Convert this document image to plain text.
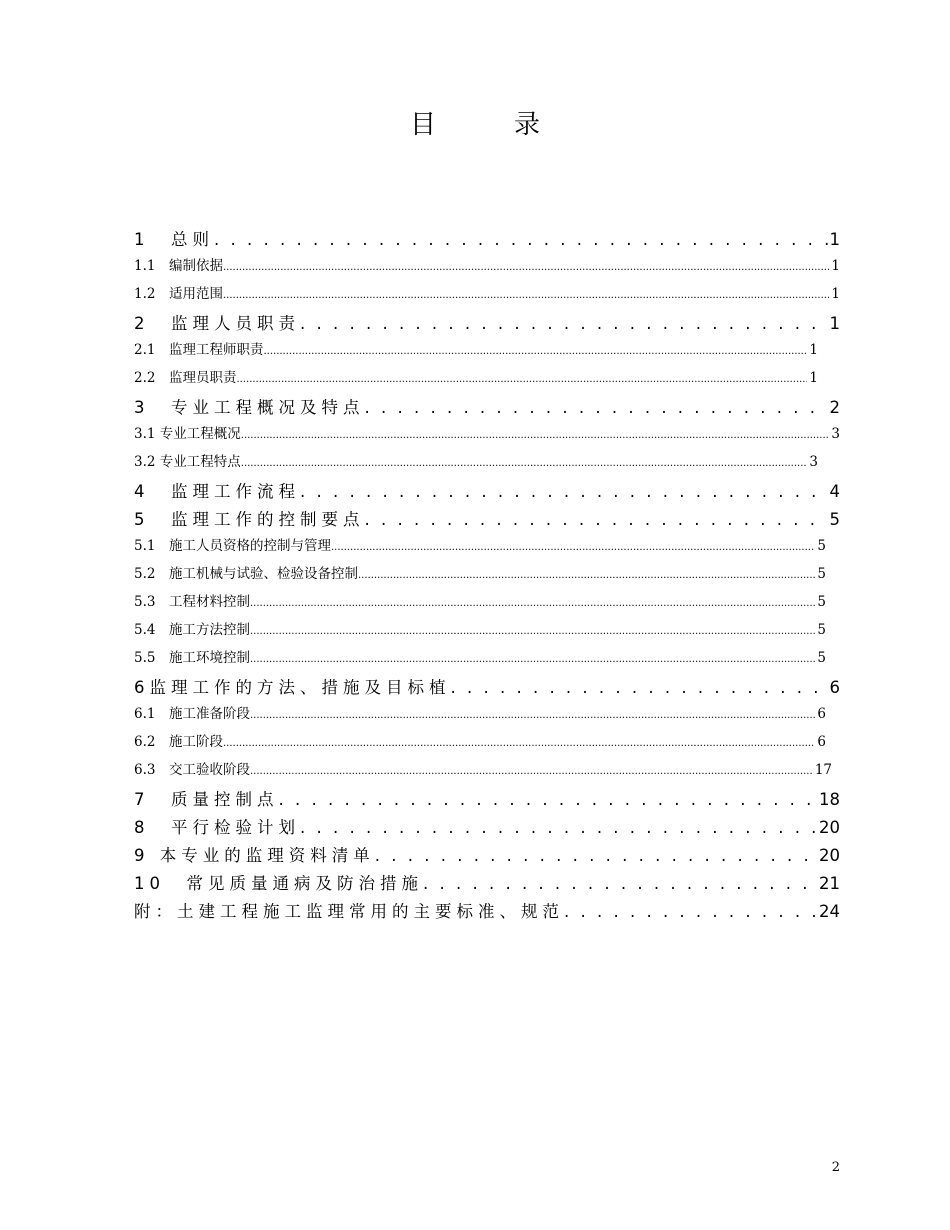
目　　　录
1　总则 . . .	1
1.1　编制依据 .....	1
1.2　适用范围 .....	1
2　监理人员职责 . . .	1
2.1　监理工程师职责 .....	1
2.2　监理员职责 .....	1
3　专业工程概况及特点 . . .	2
3.1 专业工程概况 .....	3
3.2 专业工程特点 .....	3
4　监理工作流程 . . .	4
5　监理工作的控制要点 . . .	5
5.1　施工人员资格的控制与管理 .....	5
5.2　施工机械与试验、检验设备控制 .....	5
5.3　工程材料控制 .....	5
5.4　施工方法控制 .....	5
5.5　施工环境控制 .....	5
6监理工作的方法、措施及目标植 . . .	6
6.1　施工准备阶段 .....	6
6.2　施工阶段 .....	6
6.3　交工验收阶段 .....	17
7　质量控制点 . . .	18
8　平行检验计划 . . .	20
9 本专业的监理资料清单 . . .	20
10　常见质量通病及防治措施 . . .	21
附：土建工程施工监理常用的主要标准、规范 . . .	24
2
